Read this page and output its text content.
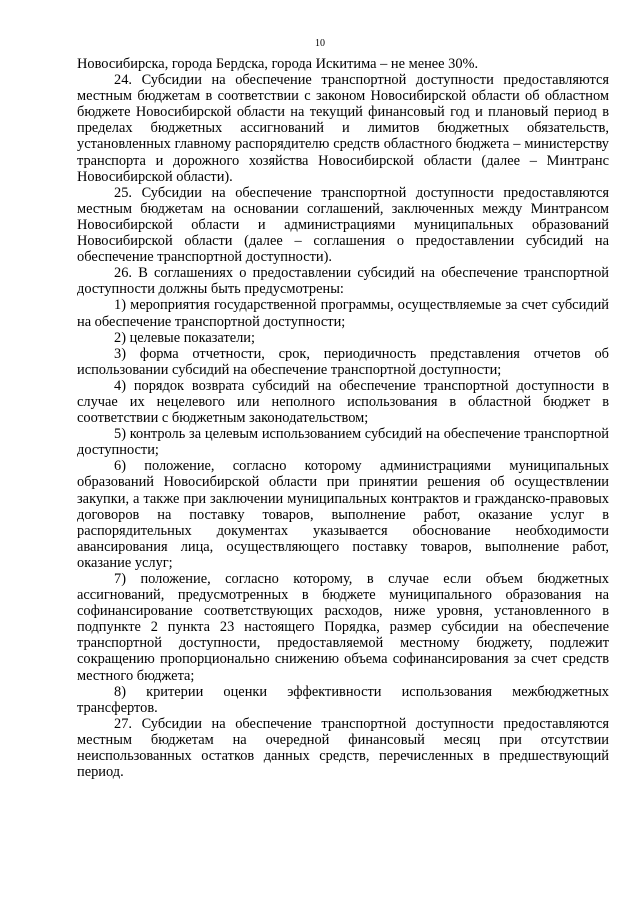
10

Новосибирска, города Бердска, города Искитима – не менее 30%.

24. Субсидии на обеспечение транспортной доступности предоставляются местным бюджетам в соответствии с законом Новосибирской области об областном бюджете Новосибирской области на текущий финансовый год и плановый период в пределах бюджетных ассигнований и лимитов бюджетных обязательств, установленных главному распорядителю средств областного бюджета – министерству транспорта и дорожного хозяйства Новосибирской области (далее – Минтранс Новосибирской области).

25. Субсидии на обеспечение транспортной доступности предоставляются местным бюджетам на основании соглашений, заключенных между Минтрансом Новосибирской области и администрациями муниципальных образований Новосибирской области (далее – соглашения о предоставлении субсидий на обеспечение транспортной доступности).

26. В соглашениях о предоставлении субсидий на обеспечение транспортной доступности должны быть предусмотрены:

1) мероприятия государственной программы, осуществляемые за счет субсидий на обеспечение транспортной доступности;

2) целевые показатели;

3) форма отчетности, срок, периодичность представления отчетов об использовании субсидий на обеспечение транспортной доступности;

4) порядок возврата субсидий на обеспечение транспортной доступности в случае их нецелевого или неполного использования в областной бюджет в соответствии с бюджетным законодательством;

5) контроль за целевым использованием субсидий на обеспечение транспортной доступности;

6) положение, согласно которому администрациями муниципальных образований Новосибирской области при принятии решения об осуществлении закупки, а также при заключении муниципальных контрактов и гражданско-правовых договоров на поставку товаров, выполнение работ, оказание услуг в распорядительных документах указывается обоснование необходимости авансирования лица, осуществляющего поставку товаров, выполнение работ, оказание услуг;

7) положение, согласно которому, в случае если объем бюджетных ассигнований, предусмотренных в бюджете муниципального образования на софинансирование соответствующих расходов, ниже уровня, установленного в подпункте 2 пункта 23 настоящего Порядка, размер субсидии на обеспечение транспортной доступности, предоставляемой местному бюджету, подлежит сокращению пропорционально снижению объема софинансирования за счет средств местного бюджета;

8) критерии оценки эффективности использования межбюджетных трансфертов.

27. Субсидии на обеспечение транспортной доступности предоставляются местным бюджетам на очередной финансовый месяц при отсутствии неиспользованных остатков данных средств, перечисленных в предшествующий период.
